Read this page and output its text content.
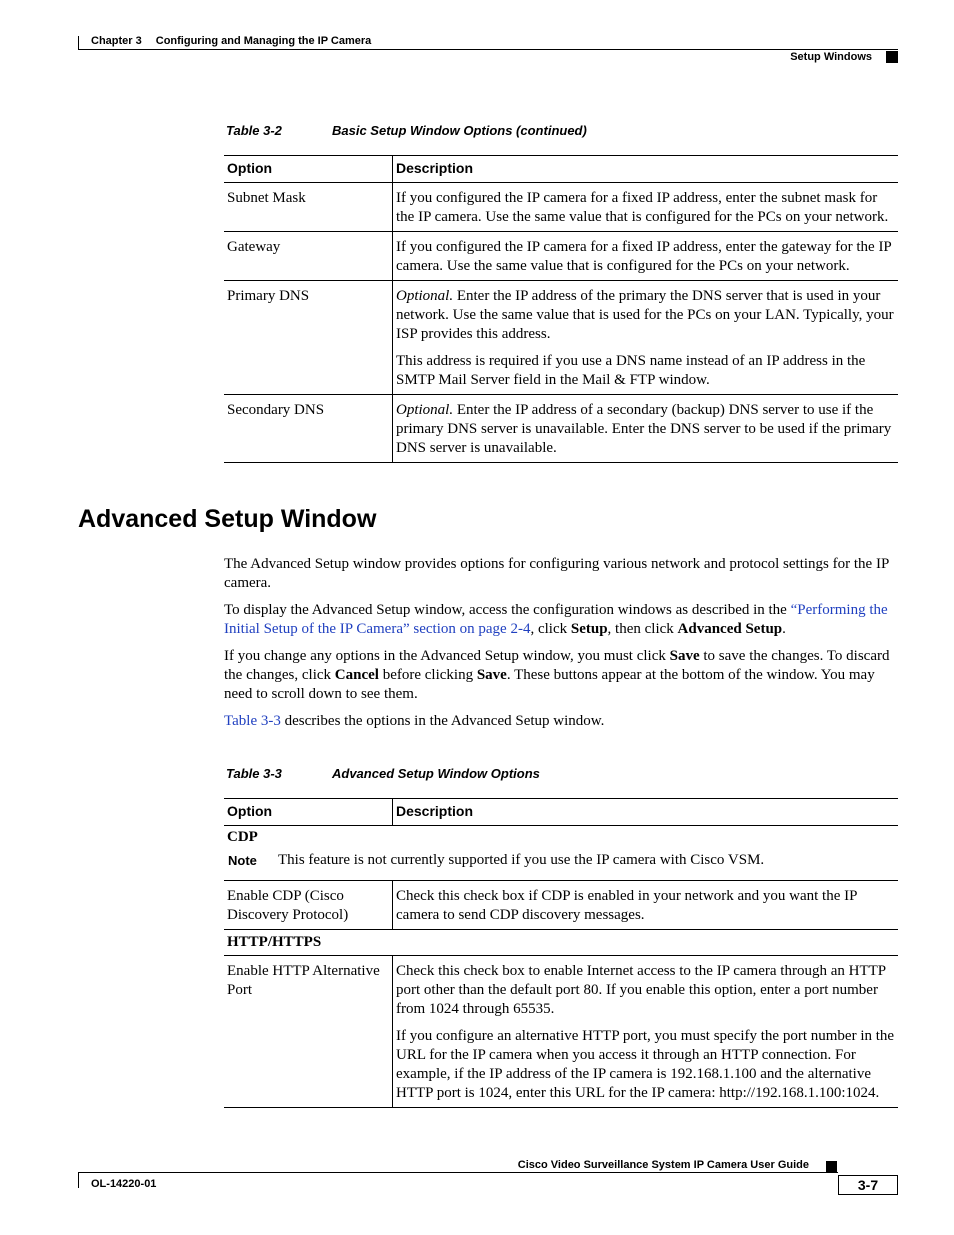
Chapter 3 Configuring and Managing the IP Camera
Setup Windows
Table 3-2	Basic Setup Window Options (continued)
Option	Description
Subnet Mask	If you configured the IP camera for a fixed IP address, enter the subnet mask for the IP camera. Use the same value that is configured for the PCs on your network.

Gateway	If you configured the IP camera for a fixed IP address, enter the gateway for the IP camera. Use the same value that is configured for the PCs on your network.

Primary DNS	Optional. Enter the IP address of the primary the DNS server that is used in your network. Use the same value that is used for the PCs on your LAN. Typically, your ISP provides this address.

This address is required if you use a DNS name instead of an IP address in the SMTP Mail Server field in the Mail & FTP window.

Secondary DNS	Optional. Enter the IP address of a secondary (backup) DNS server to use if the primary DNS server is unavailable. Enter the DNS server to be used if the primary DNS server is unavailable.

Advanced Setup Window

The Advanced Setup window provides options for configuring various network and protocol settings for the IP camera.

To display the Advanced Setup window, access the configuration windows as described in the “Performing the Initial Setup of the IP Camera” section on page 2-4, click Setup, then click Advanced Setup.

If you change any options in the Advanced Setup window, you must click Save to save the changes. To discard the changes, click Cancel before clicking Save. These buttons appear at the bottom of the window. You may need to scroll down to see them.

Table 3-3 describes the options in the Advanced Setup window.

Table 3-3	Advanced Setup Window Options
Option	Description
CDP	

Enable CDP (Cisco Discovery Protocol)	Check this check box if CDP is enabled in your network and you want the IP camera to send CDP discovery messages.

HTTP/HTTPS	
Enable HTTP Alternative Port	Check this check box to enable Internet access to the IP camera through an HTTP port other than the default port 80. If you enable this option, enter a port number from 1024 through 65535.

If you configure an alternative HTTP port, you must specify the port number in the URL for the IP camera when you access it through an HTTP connection. For example, if the IP address of the IP camera is 192.168.1.100 and the alternative HTTP port is 1024, enter this URL for the IP camera: http://192.168.1.100:1024.

Note This feature is not currently supported if you use the IP camera with Cisco VSM.
Cisco Video Surveillance System IP Camera User Guide
OL-14220-01	3-7
